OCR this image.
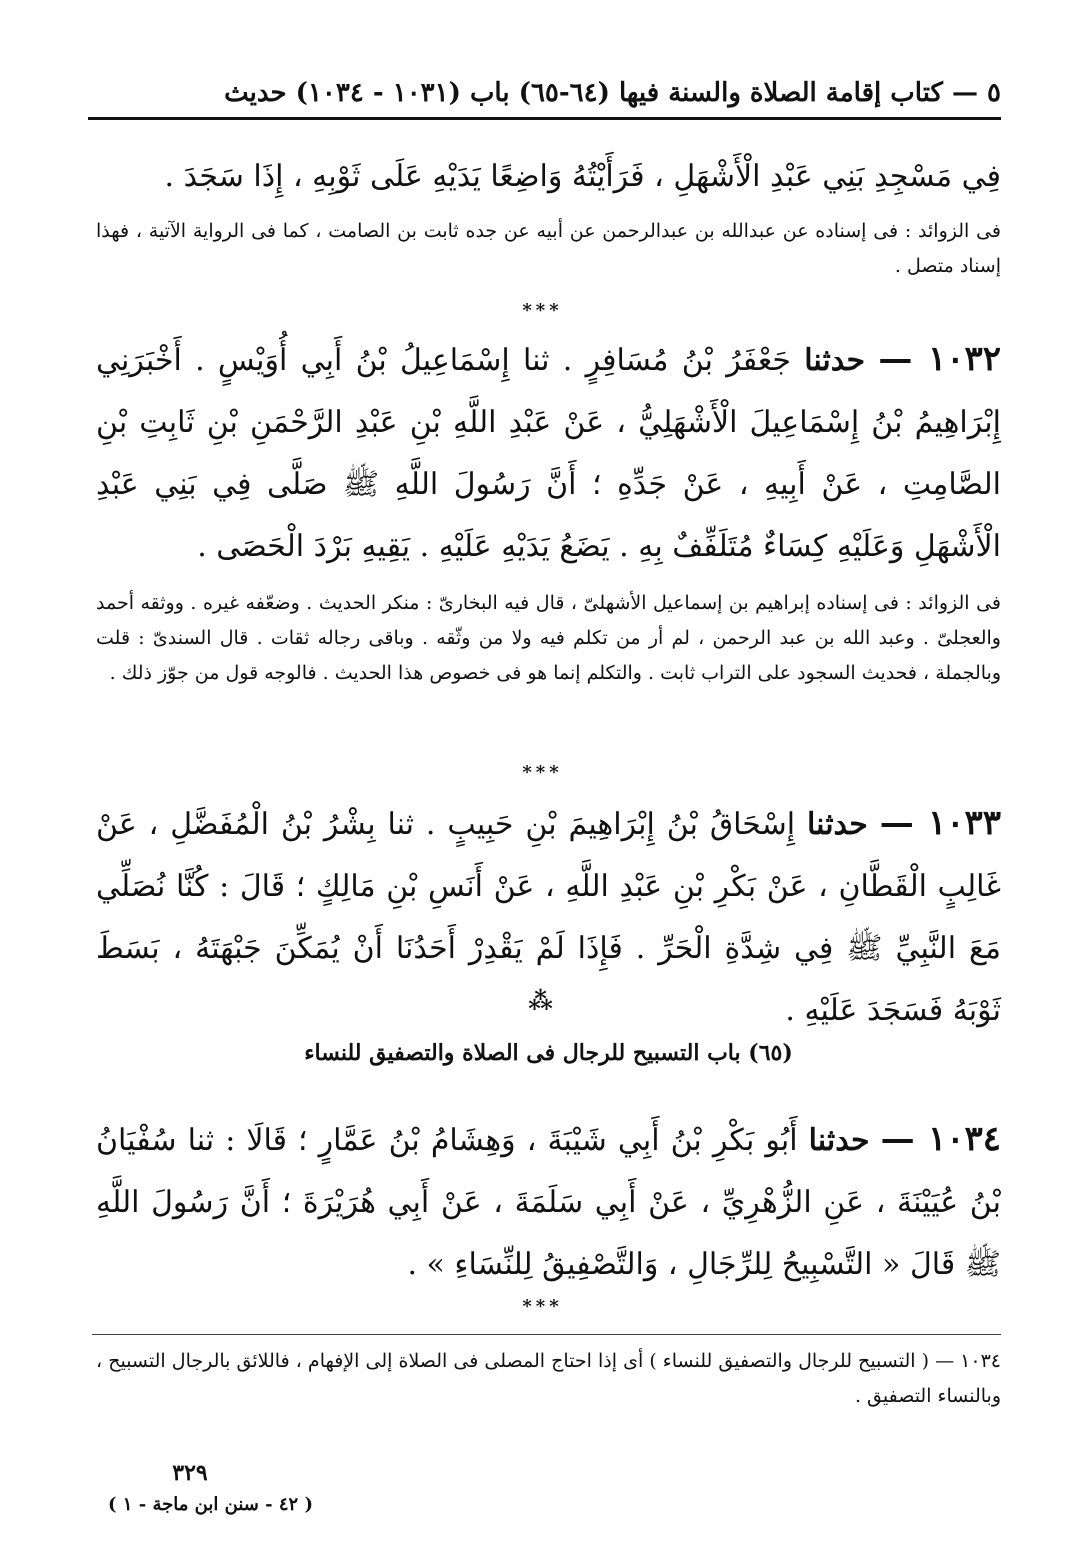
٥ — كتاب إقامة الصلاة والسنة فيها (٦٤-٦٥) باب (١٠٣١ - ١٠٣٤) حديث
فِي مَسْجِدِ بَنِي عَبْدِ الْأَشْهَلِ ، فَرَأَيْتُهُ وَاضِعًا يَدَيْهِ عَلَى ثَوْبِهِ ، إِذَا سَجَدَ .
فى الزوائد : فى إسناده عن عبدالله بن عبدالرحمن عن أبيه عن جده ثابت بن الصامت ، كما فى الرواية الآتية ، فهذا إسناد متصل .
***
١٠٣٢ — حدثنا جَعْفَرُ بْنُ مُسَافِرٍ . ثنا إِسْمَاعِيلُ بْنُ أَبِي أُوَيْسٍ . أَخْبَرَنِي إِبْرَاهِيمُ بْنُ إِسْمَاعِيلَ الْأَشْهَلِيُّ ، عَنْ عَبْدِ اللَّهِ بْنِ عَبْدِ الرَّحْمَنِ بْنِ ثَابِتِ بْنِ الصَّامِتِ ، عَنْ أَبِيهِ ، عَنْ جَدِّهِ ؛ أَنَّ رَسُولَ اللَّهِ ﷺ صَلَّى فِي بَنِي عَبْدِ الْأَشْهَلِ وَعَلَيْهِ كِسَاءٌ مُتَلَفِّفٌ بِهِ . يَضَعُ يَدَيْهِ عَلَيْهِ . يَقِيهِ بَرْدَ الْحَصَى .
فى الزوائد : فى إسناده إبراهيم بن إسماعيل الأشهلىّ ، قال فيه البخارىّ : منكر الحديث . وضعّفه غيره . ووثقه أحمد والعجلىّ . وعبد الله بن عبد الرحمن ، لم أر من تكلم فيه ولا من وثّقه . وباقى رجاله ثقات . قال السندىّ : قلت وبالجملة ، فحديث السجود على التراب ثابت . والتكلم إنما هو فى خصوص هذا الحديث . فالوجه قول من جوّز ذلك .
***
١٠٣٣ — حدثنا إِسْحَاقُ بْنُ إِبْرَاهِيمَ بْنِ حَبِيبٍ . ثنا بِشْرُ بْنُ الْمُفَضَّلِ ، عَنْ غَالِبٍ الْقَطَّانِ ، عَنْ بَكْرِ بْنِ عَبْدِ اللَّهِ ، عَنْ أَنَسِ بْنِ مَالِكٍ ؛ قَالَ : كُنَّا نُصَلِّي مَعَ النَّبِيِّ ﷺ فِي شِدَّةِ الْحَرِّ . فَإِذَا لَمْ يَقْدِرْ أَحَدُنَا أَنْ يُمَكِّنَ جَبْهَتَهُ ، بَسَطَ ثَوْبَهُ فَسَجَدَ عَلَيْهِ .
⁂
(٦٥) باب التسبيح للرجال فى الصلاة والتصفيق للنساء
١٠٣٤ — حدثنا أَبُو بَكْرِ بْنُ أَبِي شَيْبَةَ ، وَهِشَامُ بْنُ عَمَّارٍ ؛ قَالَا : ثنا سُفْيَانُ بْنُ عُيَيْنَةَ ، عَنِ الزُّهْرِيِّ ، عَنْ أَبِي سَلَمَةَ ، عَنْ أَبِي هُرَيْرَةَ ؛ أَنَّ رَسُولَ اللَّهِ ﷺ قَالَ « التَّسْبِيحُ لِلرِّجَالِ ، وَالتَّصْفِيقُ لِلنِّسَاءِ » .
***
١٠٣٤ — ( التسبيح للرجال والتصفيق للنساء ) أى إذا احتاج المصلى فى الصلاة إلى الإفهام ، فاللائق بالرجال التسبيح ، وبالنساء التصفيق .
٣٢٩
( ٤٢ - سنن ابن ماجة - ١ )
